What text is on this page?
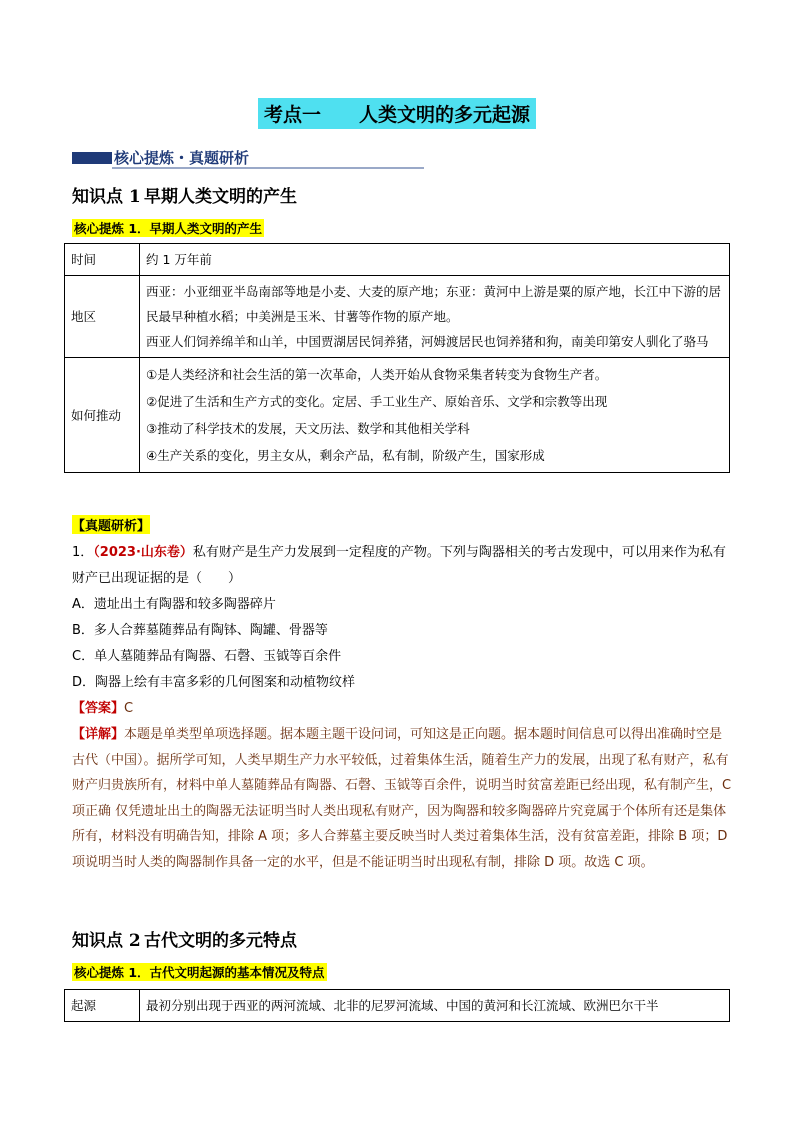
考点一 人类文明的多元起源
核心提炼・真题研析
知识点 1 早期人类文明的产生
核心提炼 1．早期人类文明的产生
时间	约 1 万年前

地区	西亚：小亚细亚半岛南部等地是小麦、大麦的原产地；东亚：黄河中上游是粟的原产地，长江中下游的居民最早种植水稻；中美洲是玉米、甘薯等作物的原产地。
西亚人们饲养绵羊和山羊，中国贾湖居民饲养猪，河姆渡居民也饲养猪和狗，南美印第安人驯化了骆马

如何推动	①是人类经济和社会生活的第一次革命，人类开始从食物采集者转变为食物生产者。
②促进了生活和生产方式的变化。定居、手工业生产、原始音乐、文学和宗教等出现
③推动了科学技术的发展，天文历法、数学和其他相关学科
④生产关系的变化，男主女从，剩余产品，私有制，阶级产生，国家形成
【真题研析】
1．（2023·山东卷）私有财产是生产力发展到一定程度的产物。下列与陶器相关的考古发现中，可以用来作为私有财产已出现证据的是（　　）
A．遗址出土有陶器和较多陶器碎片
B．多人合葬墓随葬品有陶钵、陶罐、骨器等
C．单人墓随葬品有陶器、石磬、玉钺等百余件
D．陶器上绘有丰富多彩的几何图案和动植物纹样
【答案】C
【详解】本题是单类型单项选择题。据本题主题干设问词，可知这是正向题。据本题时间信息可以得出准确时空是古代（中国）。据所学可知，人类早期生产力水平较低，过着集体生活，随着生产力的发展，出现了私有财产，私有财产归贵族所有，材料中单人墓随葬品有陶器、石磬、玉钺等百余件，说明当时贫富差距已经出现，私有制产生，C 项正确 仅凭遗址出土的陶器无法证明当时人类出现私有财产，因为陶器和较多陶器碎片究竟属于个体所有还是集体所有，材料没有明确告知，排除 A 项；多人合葬墓主要反映当时人类过着集体生活，没有贫富差距，排除 B 项；D 项说明当时人类的陶器制作具备一定的水平，但是不能证明当时出现私有制，排除 D 项。故选 C 项。
知识点 2 古代文明的多元特点
核心提炼 1．古代文明起源的基本情况及特点
起源	最初分别出现于西亚的两河流域、北非的尼罗河流域、中国的黄河和长江流域、欧洲巴尔干半
